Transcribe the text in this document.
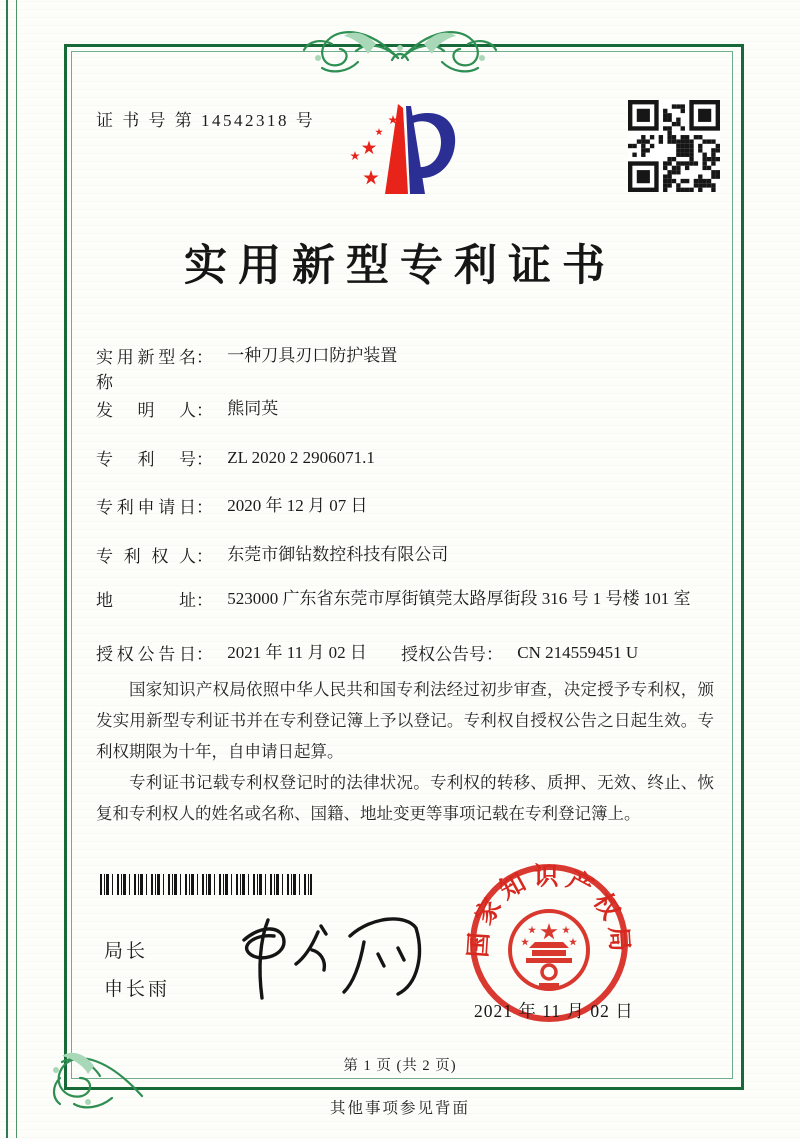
证 书 号 第 14542318 号
实用新型专利证书
实用新型名称： 一种刀具刃口防护装置
发明人： 熊同英
专利号： ZL 2020 2 2906071.1
专利申请日： 2020 年 12 月 07 日
专利权人： 东莞市御钻数控科技有限公司
地址： 523000 广东省东莞市厚街镇莞太路厚街段 316 号 1 号楼 101 室
授权公告日： 2021 年 11 月 02 日 授权公告号： CN 214559451 U

国家知识产权局依照中华人民共和国专利法经过初步审查，决定授予专利权，颁发实用新型专利证书并在专利登记簿上予以登记。专利权自授权公告之日起生效。专利权期限为十年，自申请日起算。

专利证书记载专利权登记时的法律状况。专利权的转移、质押、无效、终止、恢复和专利权人的姓名或名称、国籍、地址变更等事项记载在专利登记簿上。

局长
申长雨
国家知识产权局
2021 年 11 月 02 日
第 1 页 (共 2 页)
其他事项参见背面
